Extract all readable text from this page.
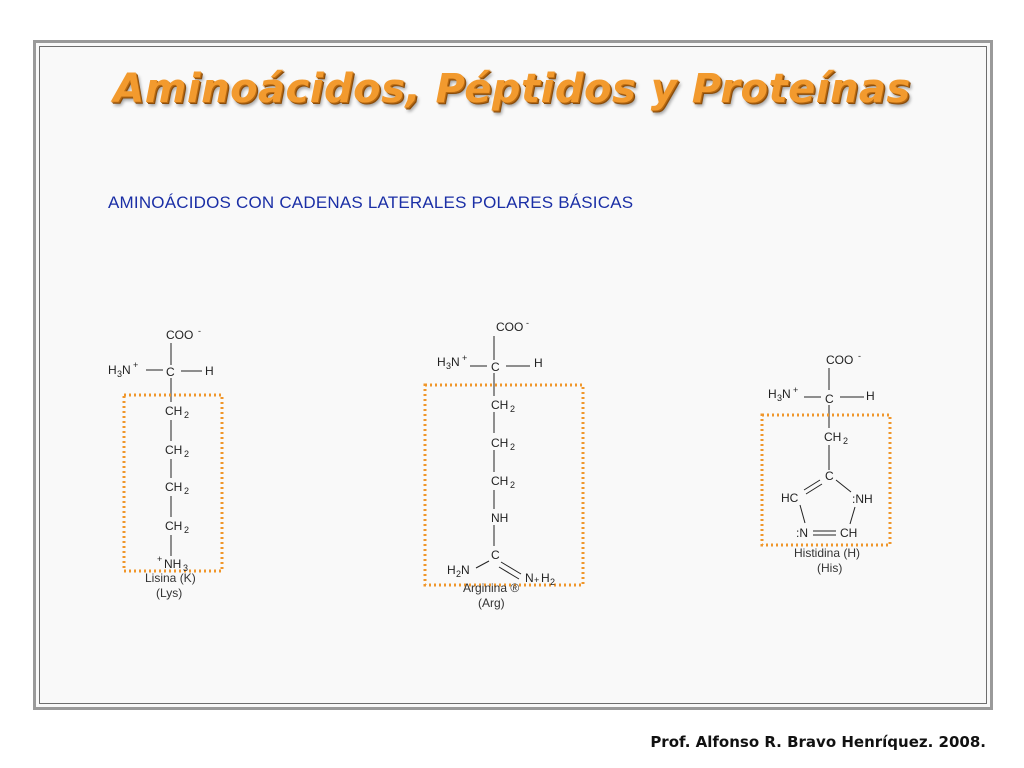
Aminoácidos, Péptidos y Proteínas
AMINOÁCIDOS CON CADENAS LATERALES POLARES BÁSICAS
COO -
H 3 N + C	H
CH 2
CH 2
CH 2
CH 2
+ NH 3
Lisina (K)
(Lys)
COO -
H 3 N +
C	H
CH 2
CH 2
CH 2
NH
C
H 2 N
N + H 2
Arginina ®
(Arg)
COO -
H 3 N +
C	H
CH 2
C
HC	:NH
:N	CH
Histidina (H)
(His)
Prof. Alfonso R. Bravo Henríquez. 2008.
